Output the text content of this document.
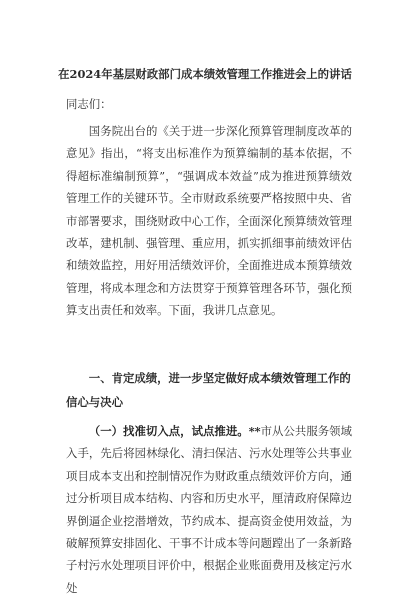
在2024年基层财政部门成本绩效管理工作推进会上的讲话
同志们：

国务院出台的《关于进一步深化预算管理制度改革的意见》指出，“将支出标准作为预算编制的基本依据，不得超标准编制预算”，“强调成本效益”成为推进预算绩效管理工作的关键环节。全市财政系统要严格按照中央、省市部署要求，围绕财政中心工作，全面深化预算绩效管理改革，建机制、强管理、重应用，抓实抓细事前绩效评估和绩效监控，用好用活绩效评价，全面推进成本预算绩效管理，将成本理念和方法贯穿于预算管理各环节，强化预算支出责任和效率。下面，我讲几点意见。

一、肯定成绩，进一步坚定做好成本绩效管理工作的信心与决心

（一）找准切入点，试点推进。**市从公共服务领域入手，先后将园林绿化、清扫保洁、污水处理等公共事业项目成本支出和控制情况作为财政重点绩效评价方向，通过分析项目成本结构、内容和历史水平，厘清政府保障边界倒逼企业挖潜增效，节约成本、提高资金使用效益，为破解预算安排固化、干事不计成本等问题蹚出了一条新路子村污水处理项目评价中，根据企业账面费用及核定污水处
